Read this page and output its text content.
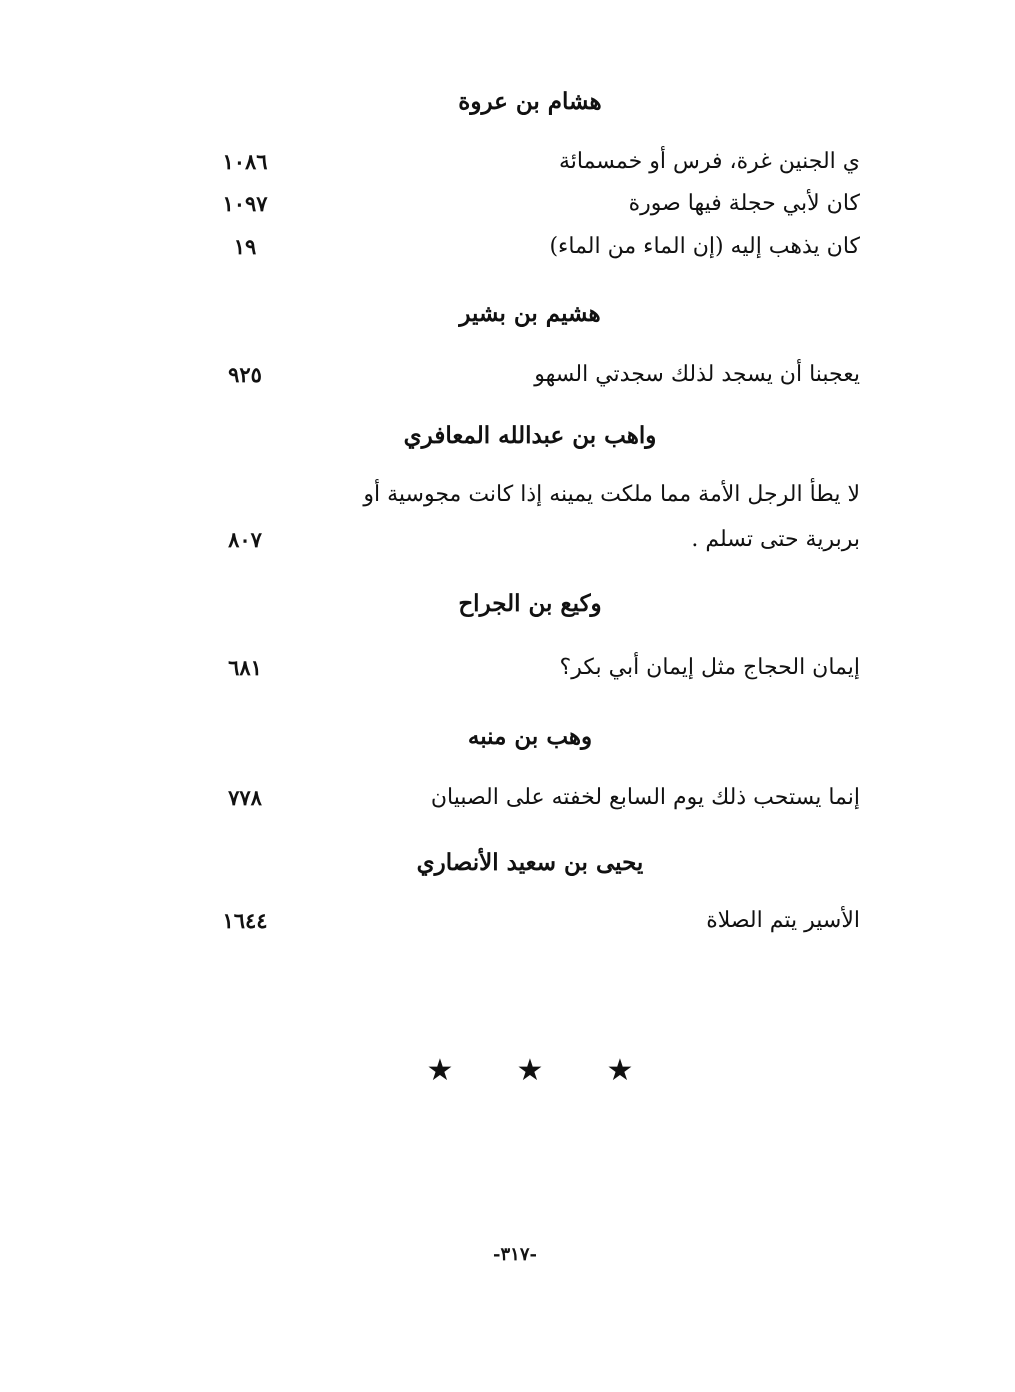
هشام بن عروة
ي الجنين غرة، فرس أو خمسمائة
١٠٨٦
كان لأبي حجلة فيها صورة
١٠٩٧
كان يذهب إليه (إن الماء من الماء)
١٩
هشيم بن بشير
يعجبنا أن يسجد لذلك سجدتي السهو
٩٢٥
واهب بن عبدالله المعافري
لا يطأ الرجل الأمة مما ملكت يمينه إذا كانت مجوسية أو
بربرية حتى تسلم .
٨٠٧
وكيع بن الجراح
إيمان الحجاج مثل إيمان أبي بكر؟
٦٨١
وهب بن منبه
إنما يستحب ذلك يوم السابع لخفته على الصبيان
٧٧٨
يحيى بن سعيد الأنصاري
الأسير يتم الصلاة
١٦٤٤
★ ★ ★
-٣١٧-
